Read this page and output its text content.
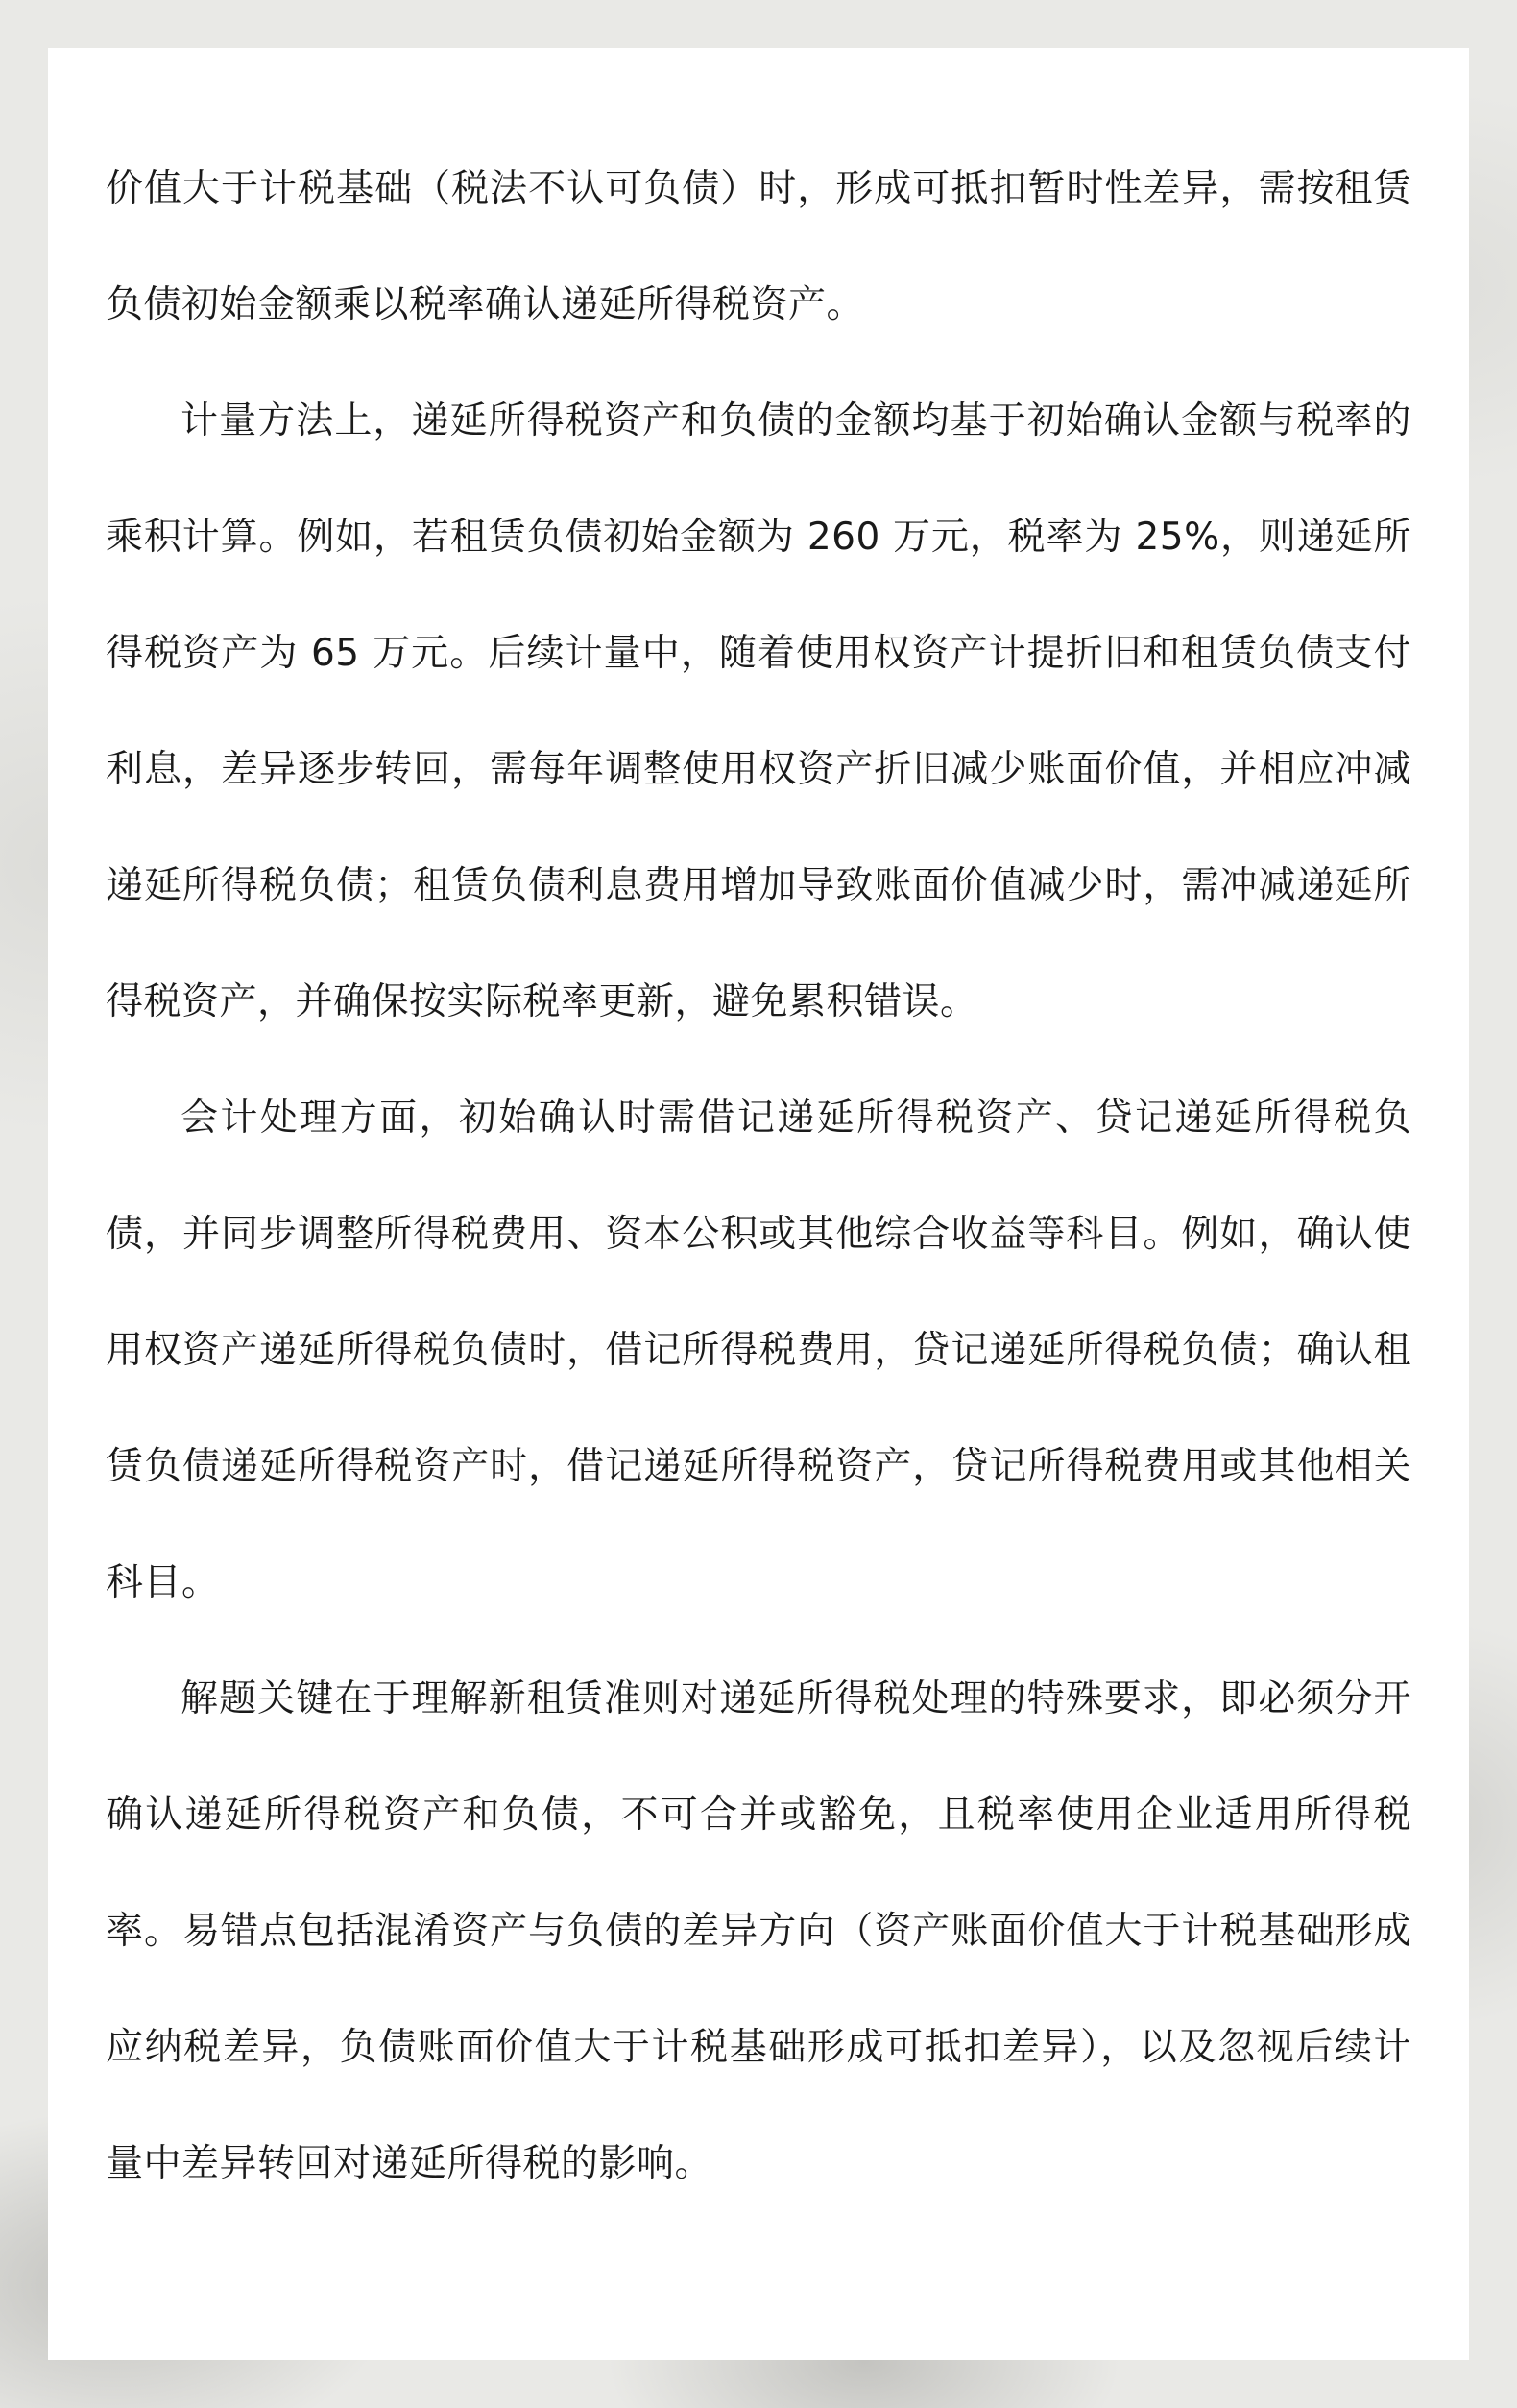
价值大于计税基础（税法不认可负债）时，形成可抵扣暂时性差异，需按租赁负债初始金额乘以税率确认递延所得税资产。

计量方法上，递延所得税资产和负债的金额均基于初始确认金额与税率的乘积计算。例如，若租赁负债初始金额为 260 万元，税率为 25%，则递延所得税资产为 65 万元。后续计量中，随着使用权资产计提折旧和租赁负债支付利息，差异逐步转回，需每年调整使用权资产折旧减少账面价值，并相应冲减递延所得税负债；租赁负债利息费用增加导致账面价值减少时，需冲减递延所得税资产，并确保按实际税率更新，避免累积错误。

会计处理方面，初始确认时需借记递延所得税资产、贷记递延所得税负债，并同步调整所得税费用、资本公积或其他综合收益等科目。例如，确认使用权资产递延所得税负债时，借记所得税费用，贷记递延所得税负债；确认租赁负债递延所得税资产时，借记递延所得税资产，贷记所得税费用或其他相关科目。

解题关键在于理解新租赁准则对递延所得税处理的特殊要求，即必须分开确认递延所得税资产和负债，不可合并或豁免，且税率使用企业适用所得税率。易错点包括混淆资产与负债的差异方向（资产账面价值大于计税基础形成应纳税差异，负债账面价值大于计税基础形成可抵扣差异），以及忽视后续计量中差异转回对递延所得税的影响。
